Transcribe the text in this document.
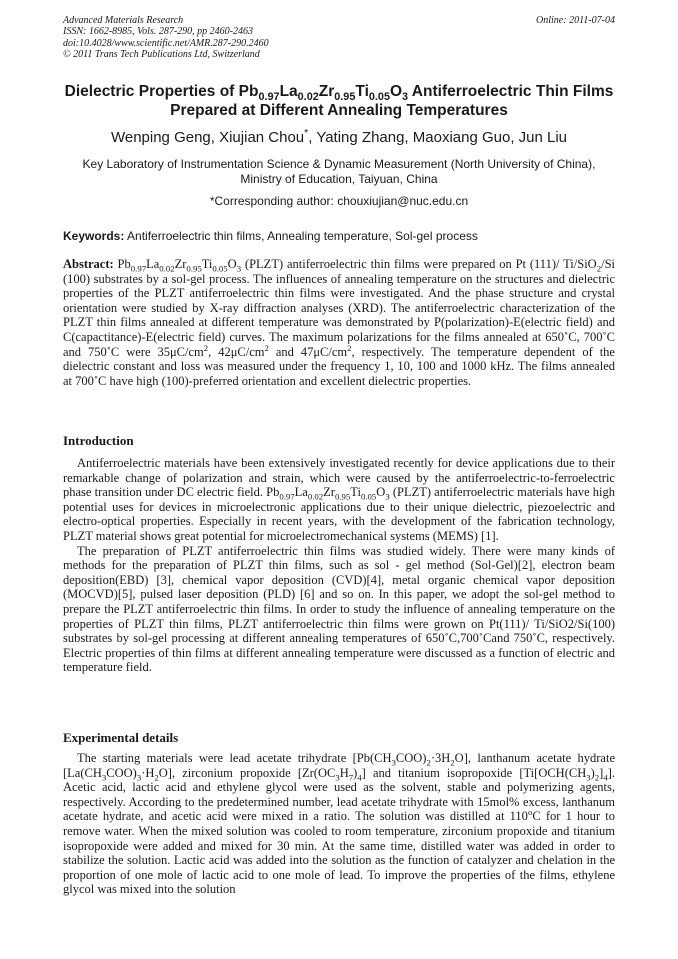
Advanced Materials Research
ISSN: 1662-8985, Vols. 287-290, pp 2460-2463
doi:10.4028/www.scientific.net/AMR.287-290.2460
© 2011 Trans Tech Publications Ltd, Switzerland
Online: 2011-07-04
Dielectric Properties of $Pb_{0.97}La_{0.02}Zr_{0.95}Ti_{0.05}O_3$ Antiferroelectric Thin Films Prepared at Different Annealing Temperatures
Wenping Geng, Xiujian Chou*, Yating Zhang, Maoxiang Guo, Jun Liu
Key Laboratory of Instrumentation Science & Dynamic Measurement (North University of China),
Ministry of Education, Taiyuan, China
*Corresponding author: chouxiujian@nuc.edu.cn
Keywords: Antiferroelectric thin films, Annealing temperature, Sol-gel process
Abstract: $Pb_{0.97}La_{0.02}Zr_{0.95}Ti_{0.05}O_3$ (PLZT) antiferroelectric thin films were prepared on Pt (111)/ Ti/SiO$_2$/Si (100) substrates by a sol-gel process. The influences of annealing temperature on the structures and dielectric properties of the PLZT antiferroelectric thin films were investigated. And the phase structure and crystal orientation were studied by X-ray diffraction analyses (XRD). The antiferroelectric characterization of the PLZT thin films annealed at different temperature was demonstrated by P(polarization)-E(electric field) and C(capactitance)-E(electric field) curves. The maximum polarizations for the films annealed at 650˚C, 700˚C and 750˚C were $35\mu C/cm^2$, $42\mu C/cm^2$ and $47\mu C/cm^2$, respectively. The temperature dependent of the dielectric constant and loss was measured under the frequency 1, 10, 100 and 1000 kHz. The films annealed at 700˚C have high (100)-preferred orientation and excellent dielectric properties.
Introduction

Antiferroelectric materials have been extensively investigated recently for device applications due to their remarkable change of polarization and strain, which were caused by the antiferroelectric-to-ferroelectric phase transition under DC electric field. $Pb_{0.97}La_{0.02}Zr_{0.95}Ti_{0.05}O_3$ (PLZT) antiferroelectric materials have high potential uses for devices in microelectronic applications due to their unique dielectric, piezoelectric and electro-optical properties. Especially in recent years, with the development of the fabrication technology, PLZT material shows great potential for microelectromechanical systems (MEMS) [1].

The preparation of PLZT antiferroelectric thin films was studied widely. There were many kinds of methods for the preparation of PLZT thin films, such as sol - gel method (Sol-Gel)[2], electron beam deposition(EBD) [3], chemical vapor deposition (CVD)[4], metal organic chemical vapor deposition (MOCVD)[5], pulsed laser deposition (PLD) [6] and so on. In this paper, we adopt the sol-gel method to prepare the PLZT antiferroelectric thin films. In order to study the influence of annealing temperature on the properties of PLZT thin films, PLZT antiferroelectric thin films were grown on Pt(111)/ Ti/SiO2/Si(100) substrates by sol-gel processing at different annealing temperatures of 650˚C,700˚Cand 750˚C, respectively. Electric properties of thin films at different annealing temperature were discussed as a function of electric and temperature field.

Experimental details

The starting materials were lead acetate trihydrate $[Pb(CH_3COO)_2\cdot 3H_2O]$, lanthanum acetate hydrate $[La(CH_3COO)_3\cdot H_2O]$, zirconium propoxide $[Zr(OC_3H_7)_4]$ and titanium isopropoxide $[Ti[OCH(CH_3)_2]_4]$. Acetic acid, lactic acid and ethylene glycol were used as the solvent, stable and polymerizing agents, respectively. According to the predetermined number, lead acetate trihydrate with 15mol% excess, lanthanum acetate hydrate, and acetic acid were mixed in a ratio. The solution was distilled at 110$^o$C for 1 hour to remove water. When the mixed solution was cooled to room temperature, zirconium propoxide and titanium isopropoxide were added and mixed for 30 min. At the same time, distilled water was added in order to stabilize the solution. Lactic acid was added into the solution as the function of catalyzer and chelation in the proportion of one mole of lactic acid to one mole of lead. To improve the properties of the films, ethylene glycol was mixed into the solution
